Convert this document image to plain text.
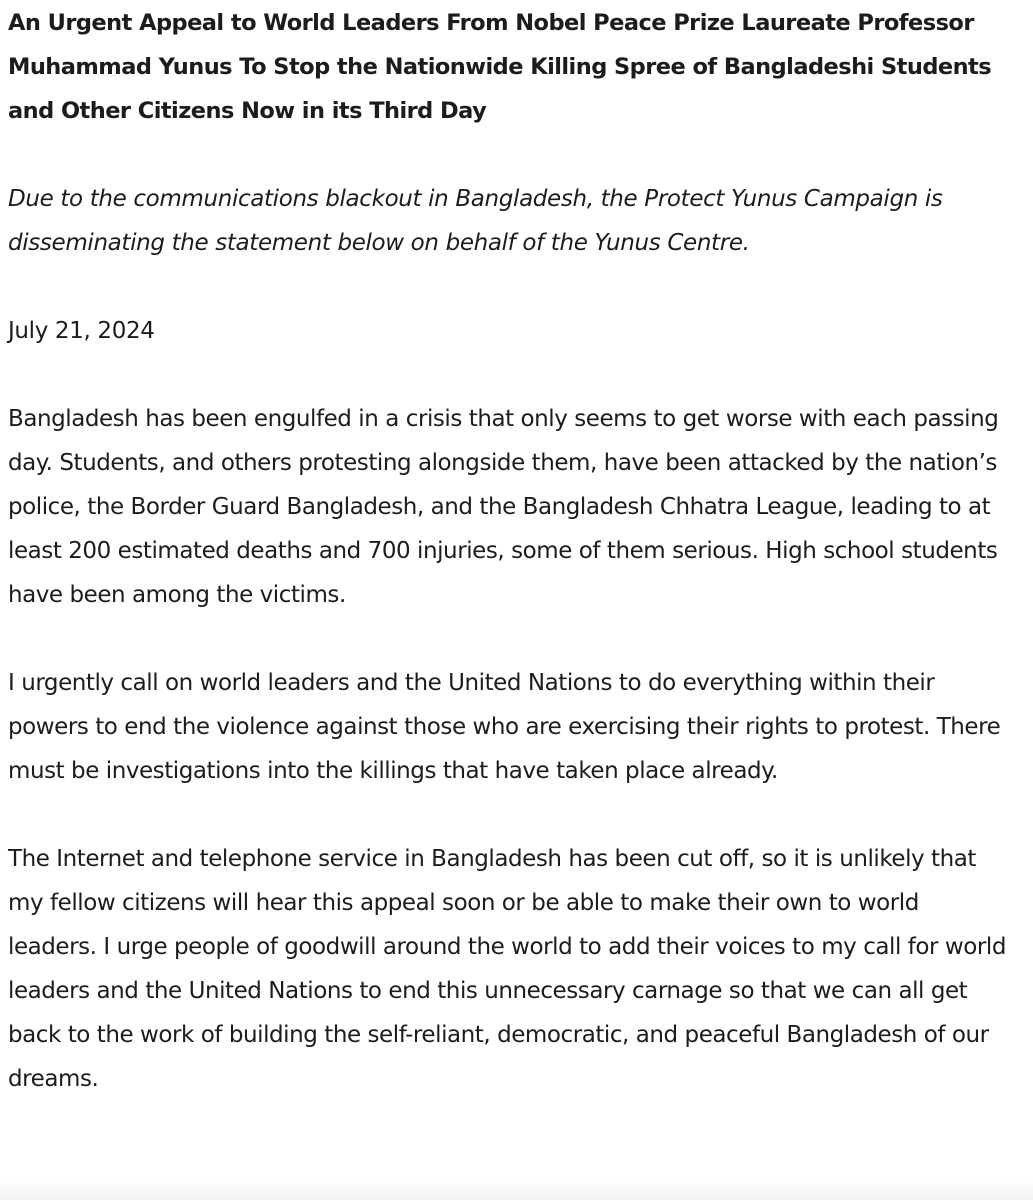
An Urgent Appeal to World Leaders From Nobel Peace Prize Laureate Professor Muhammad Yunus To Stop the Nationwide Killing Spree of Bangladeshi Students and Other Citizens Now in its Third Day

Due to the communications blackout in Bangladesh, the Protect Yunus Campaign is disseminating the statement below on behalf of the Yunus Centre.

July 21, 2024

Bangladesh has been engulfed in a crisis that only seems to get worse with each passing day. Students, and others protesting alongside them, have been attacked by the nation’s police, the Border Guard Bangladesh, and the Bangladesh Chhatra League, leading to at least 200 estimated deaths and 700 injuries, some of them serious. High school students have been among the victims.

I urgently call on world leaders and the United Nations to do everything within their powers to end the violence against those who are exercising their rights to protest. There must be investigations into the killings that have taken place already.

The Internet and telephone service in Bangladesh has been cut off, so it is unlikely that my fellow citizens will hear this appeal soon or be able to make their own to world leaders. I urge people of goodwill around the world to add their voices to my call for world leaders and the United Nations to end this unnecessary carnage so that we can all get back to the work of building the self-reliant, democratic, and peaceful Bangladesh of our dreams.
